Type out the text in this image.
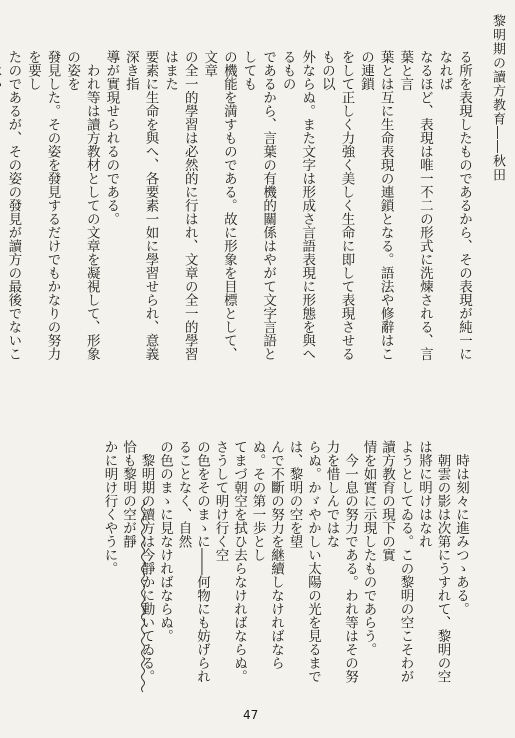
黎明期の讀方教育――秋田

る所を表現したものであるから、その表現が純一になれば

なるほど、表現は唯一不二の形式に洗煉される、言葉と言

葉とは互に生命表現の連鎖となる。語法や修辭はこの連鎖

をして正しく力強く美しく生命に即して表現させるもの以

外ならぬ。また文字は形成さ言語表現に形態を與へるもの

であるから、言葉の有機的關係はやがて文字言語としても

の機能を満すものである。故に形象を目標として、文章

の全一的學習は必然的に行はれ、文章の全一的學習はまた

要素に生命を與へ、各要素一如に學習せられ、意義深き指

導が實現せられるのである。

　われ等は讀方教材としての文章を凝視して、形象の姿を

發見した。その姿を發見するだけでもかなりの努力を要し

たのであるが、その姿の發見が讀方の最後でないこ

　時は刻々に進みつゝある。

　朝雲の影は次第にうすれて、黎明の空は將に明けはなれ

ようとしてゐる。この黎明の空こそわが讀方教育の現下の實

情を如實に示現したものであらう。

　今一息の努力である。われ等はその努力を惜しんではな

らぬ。かゞやかしい太陽の光を見るまでは、黎明の空を望

んで不斷の努力を継續しなければならぬ。その第一歩とし

てまづ朝空を拭ひ去らなければならぬ。さうして明け行く空

の色をそのまゝに――何物にも妨げられることなく、自然

の色のまゝに見なければならぬ。

　黎明期の讀方は今靜かに動いてゐる。恰も黎明の空が靜

かに明け行くやうに。

47
